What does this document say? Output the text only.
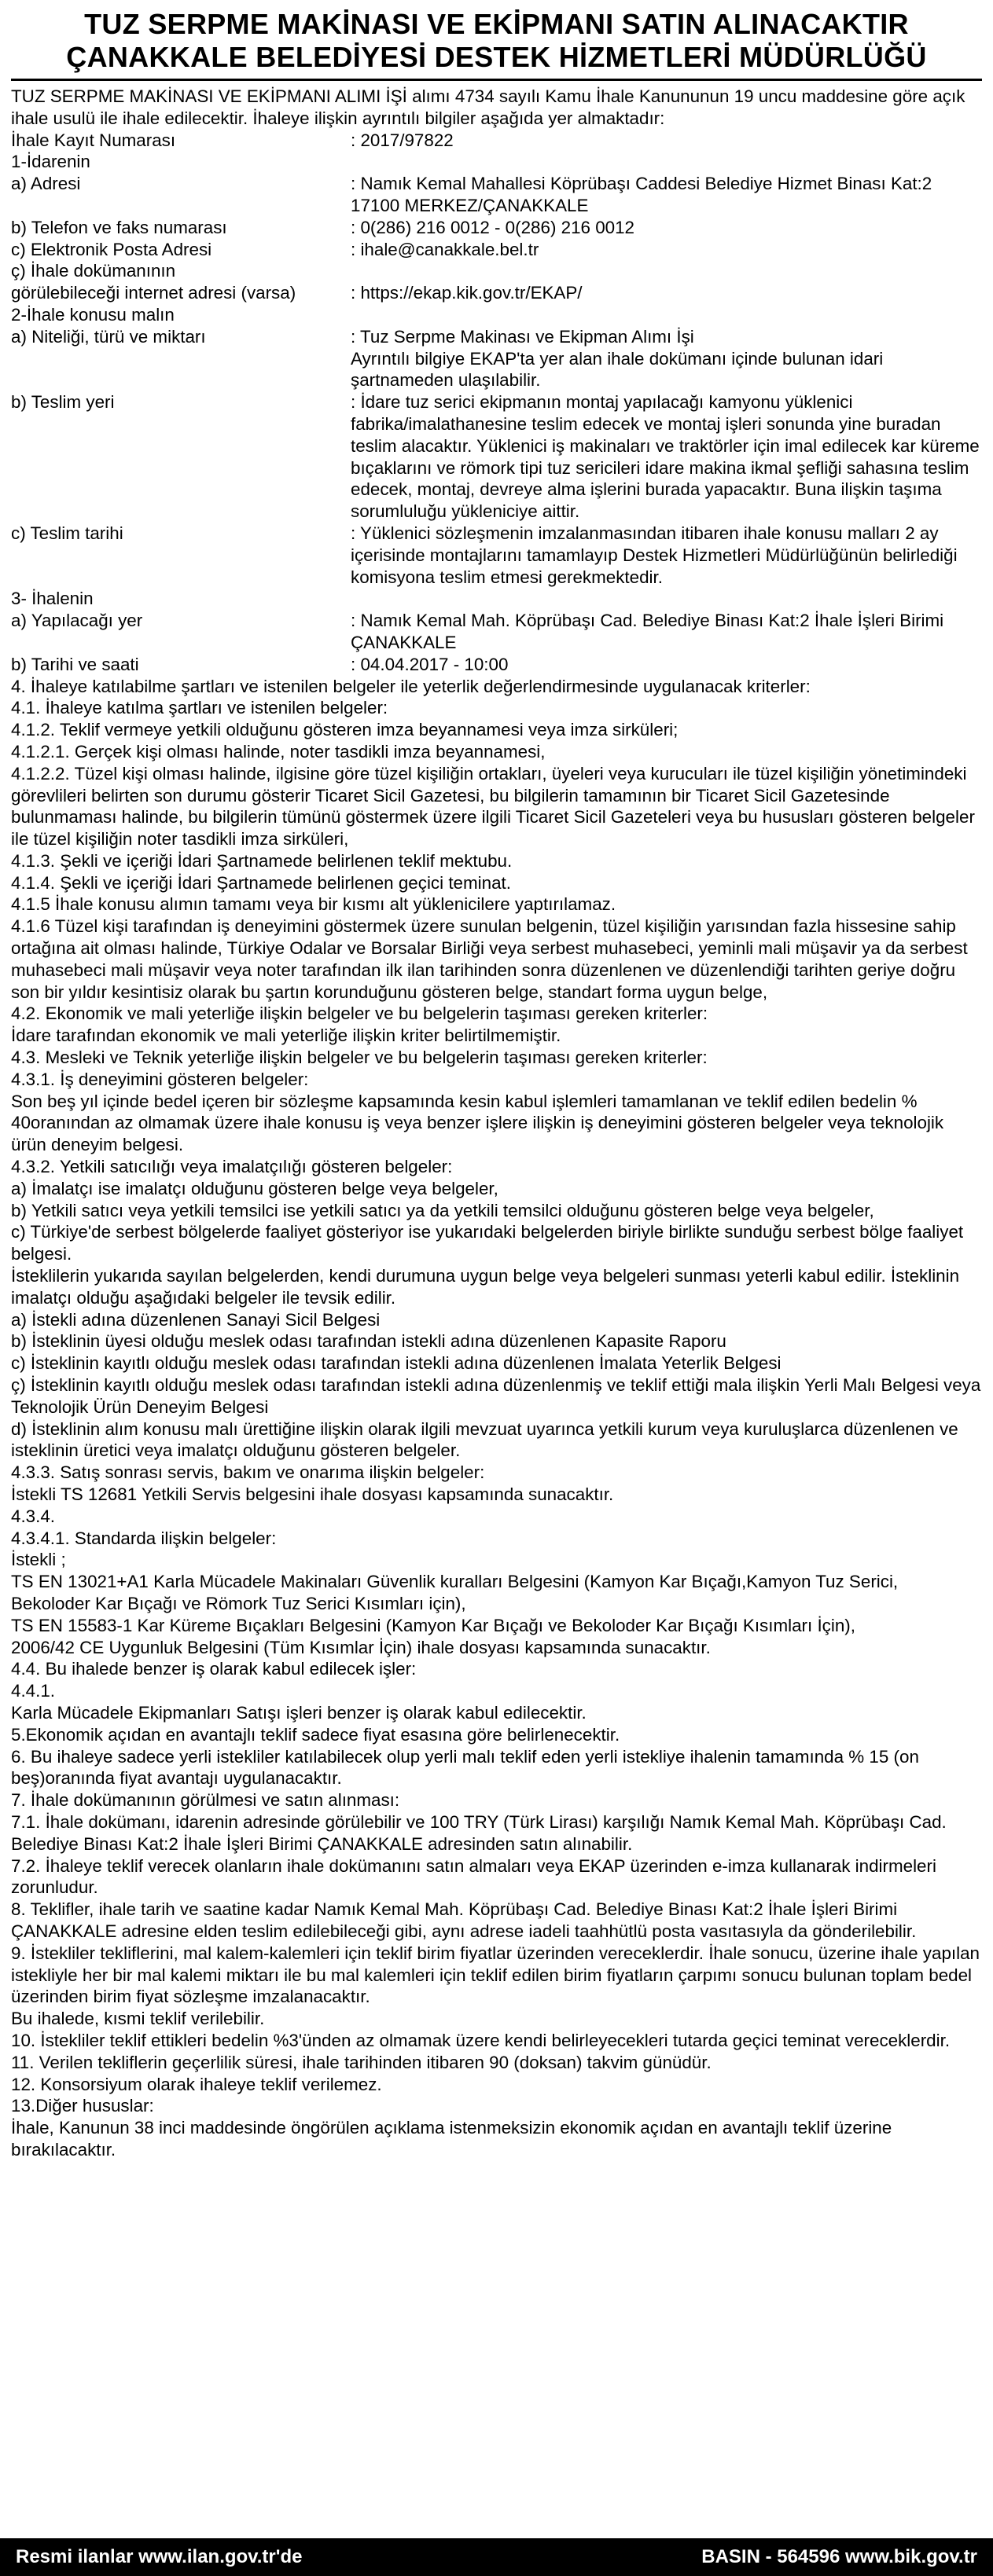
TUZ SERPME MAKİNASI VE EKİPMANI SATIN ALINACAKTIR
ÇANAKKALE BELEDİYESİ DESTEK HİZMETLERİ MÜDÜRLÜĞÜ

TUZ SERPME MAKİNASI VE EKİPMANI ALIMI İŞİ alımı 4734 sayılı Kamu İhale Kanununun 19 uncu maddesine göre açık ihale usulü ile ihale edilecektir. İhaleye ilişkin ayrıntılı bilgiler aşağıda yer almaktadır:

İhale Kayıt Numarası	: 2017/97822

1-İdarenin

a) Adresi	: Namık Kemal Mahallesi Köprübaşı Caddesi Belediye Hizmet Binası Kat:2 17100 MERKEZ/ÇANAKKALE
b) Telefon ve faks numarası	: 0(286) 216 0012 - 0(286) 216 0012
c) Elektronik Posta Adresi	: ihale@canakkale.bel.tr

ç) İhale dokümanının

görülebileceği internet adresi (varsa)	: https://ekap.kik.gov.tr/EKAP/

2-İhale konusu malın

a) Niteliği, türü ve miktarı	: Tuz Serpme Makinası ve Ekipman Alımı İşi
Ayrıntılı bilgiye EKAP'ta yer alan ihale dokümanı içinde bulunan idari şartnameden ulaşılabilir.
b) Teslim yeri	: İdare tuz serici ekipmanın montaj yapılacağı kamyonu yüklenici fabrika/imalathanesine teslim edecek ve montaj işleri sonunda yine buradan teslim alacaktır. Yüklenici iş makinaları ve traktörler için imal edilecek kar küreme bıçaklarını ve römork tipi tuz sericileri idare makina ikmal şefliği sahasına teslim edecek, montaj, devreye alma işlerini burada yapacaktır. Buna ilişkin taşıma sorumluluğu yükleniciye aittir.
c) Teslim tarihi	: Yüklenici sözleşmenin imzalanmasından itibaren ihale konusu malları 2 ay içerisinde montajlarını tamamlayıp Destek Hizmetleri Müdürlüğünün belirlediği komisyona teslim etmesi gerekmektedir.

3- İhalenin

a) Yapılacağı yer	: Namık Kemal Mah. Köprübaşı Cad. Belediye Binası Kat:2 İhale İşleri Birimi ÇANAKKALE
b) Tarihi ve saati	: 04.04.2017 - 10:00

4. İhaleye katılabilme şartları ve istenilen belgeler ile yeterlik değerlendirmesinde uygulanacak kriterler:

4.1. İhaleye katılma şartları ve istenilen belgeler:

4.1.2. Teklif vermeye yetkili olduğunu gösteren imza beyannamesi veya imza sirküleri;

4.1.2.1. Gerçek kişi olması halinde, noter tasdikli imza beyannamesi,

4.1.2.2. Tüzel kişi olması halinde, ilgisine göre tüzel kişiliğin ortakları, üyeleri veya kurucuları ile tüzel kişiliğin yönetimindeki görevlileri belirten son durumu gösterir Ticaret Sicil Gazetesi, bu bilgilerin tamamının bir Ticaret Sicil Gazetesinde bulunmaması halinde, bu bilgilerin tümünü göstermek üzere ilgili Ticaret Sicil Gazeteleri veya bu hususları gösteren belgeler ile tüzel kişiliğin noter tasdikli imza sirküleri,

4.1.3. Şekli ve içeriği İdari Şartnamede belirlenen teklif mektubu.

4.1.4. Şekli ve içeriği İdari Şartnamede belirlenen geçici teminat.

4.1.5 İhale konusu alımın tamamı veya bir kısmı alt yüklenicilere yaptırılamaz.

4.1.6 Tüzel kişi tarafından iş deneyimini göstermek üzere sunulan belgenin, tüzel kişiliğin yarısından fazla hissesine sahip ortağına ait olması halinde, Türkiye Odalar ve Borsalar Birliği veya serbest muhasebeci, yeminli mali müşavir ya da serbest muhasebeci mali müşavir veya noter tarafından ilk ilan tarihinden sonra düzenlenen ve düzenlendiği tarihten geriye doğru son bir yıldır kesintisiz olarak bu şartın korunduğunu gösteren belge, standart forma uygun belge,

4.2. Ekonomik ve mali yeterliğe ilişkin belgeler ve bu belgelerin taşıması gereken kriterler:

İdare tarafından ekonomik ve mali yeterliğe ilişkin kriter belirtilmemiştir.

4.3. Mesleki ve Teknik yeterliğe ilişkin belgeler ve bu belgelerin taşıması gereken kriterler:

4.3.1. İş deneyimini gösteren belgeler:

Son beş yıl içinde bedel içeren bir sözleşme kapsamında kesin kabul işlemleri tamamlanan ve teklif edilen bedelin % 40oranından az olmamak üzere ihale konusu iş veya benzer işlere ilişkin iş deneyimini gösteren belgeler veya teknolojik ürün deneyim belgesi.

4.3.2. Yetkili satıcılığı veya imalatçılığı gösteren belgeler:

a) İmalatçı ise imalatçı olduğunu gösteren belge veya belgeler,

b) Yetkili satıcı veya yetkili temsilci ise yetkili satıcı ya da yetkili temsilci olduğunu gösteren belge veya belgeler,

c) Türkiye'de serbest bölgelerde faaliyet gösteriyor ise yukarıdaki belgelerden biriyle birlikte sunduğu serbest bölge faaliyet belgesi.

İsteklilerin yukarıda sayılan belgelerden, kendi durumuna uygun belge veya belgeleri sunması yeterli kabul edilir. İsteklinin imalatçı olduğu aşağıdaki belgeler ile tevsik edilir.

a) İstekli adına düzenlenen Sanayi Sicil Belgesi

b) İsteklinin üyesi olduğu meslek odası tarafından istekli adına düzenlenen Kapasite Raporu

c) İsteklinin kayıtlı olduğu meslek odası tarafından istekli adına düzenlenen İmalata Yeterlik Belgesi

ç) İsteklinin kayıtlı olduğu meslek odası tarafından istekli adına düzenlenmiş ve teklif ettiği mala ilişkin Yerli Malı Belgesi veya Teknolojik Ürün Deneyim Belgesi

d) İsteklinin alım konusu malı ürettiğine ilişkin olarak ilgili mevzuat uyarınca yetkili kurum veya kuruluşlarca düzenlenen ve isteklinin üretici veya imalatçı olduğunu gösteren belgeler.

4.3.3. Satış sonrası servis, bakım ve onarıma ilişkin belgeler:

İstekli TS 12681 Yetkili Servis belgesini ihale dosyası kapsamında sunacaktır.

4.3.4.

4.3.4.1. Standarda ilişkin belgeler:

İstekli ;

TS EN 13021+A1 Karla Mücadele Makinaları Güvenlik kuralları Belgesini (Kamyon Kar Bıçağı,Kamyon Tuz Serici, Bekoloder Kar Bıçağı ve Römork Tuz Serici Kısımları için),

TS EN 15583-1 Kar Küreme Bıçakları Belgesini (Kamyon Kar Bıçağı ve Bekoloder Kar Bıçağı Kısımları İçin),

2006/42 CE Uygunluk Belgesini (Tüm Kısımlar İçin) ihale dosyası kapsamında sunacaktır.

4.4. Bu ihalede benzer iş olarak kabul edilecek işler:

4.4.1.

Karla Mücadele Ekipmanları Satışı işleri benzer iş olarak kabul edilecektir.

5.Ekonomik açıdan en avantajlı teklif sadece fiyat esasına göre belirlenecektir.

6. Bu ihaleye sadece yerli istekliler katılabilecek olup yerli malı teklif eden yerli istekliye ihalenin tamamında % 15 (on beş)oranında fiyat avantajı uygulanacaktır.

7. İhale dokümanının görülmesi ve satın alınması:

7.1. İhale dokümanı, idarenin adresinde görülebilir ve 100 TRY (Türk Lirası) karşılığı Namık Kemal Mah. Köprübaşı Cad. Belediye Binası Kat:2 İhale İşleri Birimi ÇANAKKALE adresinden satın alınabilir.

7.2. İhaleye teklif verecek olanların ihale dokümanını satın almaları veya EKAP üzerinden e-imza kullanarak indirmeleri zorunludur.

8. Teklifler, ihale tarih ve saatine kadar Namık Kemal Mah. Köprübaşı Cad. Belediye Binası Kat:2 İhale İşleri Birimi ÇANAKKALE adresine elden teslim edilebileceği gibi, aynı adrese iadeli taahhütlü posta vasıtasıyla da gönderilebilir.

9. İstekliler tekliflerini, mal kalem-kalemleri için teklif birim fiyatlar üzerinden vereceklerdir. İhale sonucu, üzerine ihale yapılan istekliyle her bir mal kalemi miktarı ile bu mal kalemleri için teklif edilen birim fiyatların çarpımı sonucu bulunan toplam bedel üzerinden birim fiyat sözleşme imzalanacaktır.

Bu ihalede, kısmi teklif verilebilir.

10. İstekliler teklif ettikleri bedelin %3'ünden az olmamak üzere kendi belirleyecekleri tutarda geçici teminat vereceklerdir.

11. Verilen tekliflerin geçerlilik süresi, ihale tarihinden itibaren 90 (doksan) takvim günüdür.

12. Konsorsiyum olarak ihaleye teklif verilemez.

13.Diğer hususlar:

İhale, Kanunun 38 inci maddesinde öngörülen açıklama istenmeksizin ekonomik açıdan en avantajlı teklif üzerine bırakılacaktır.

Resmi ilanlar www.ilan.gov.tr'de	BASIN - 564596 www.bik.gov.tr
